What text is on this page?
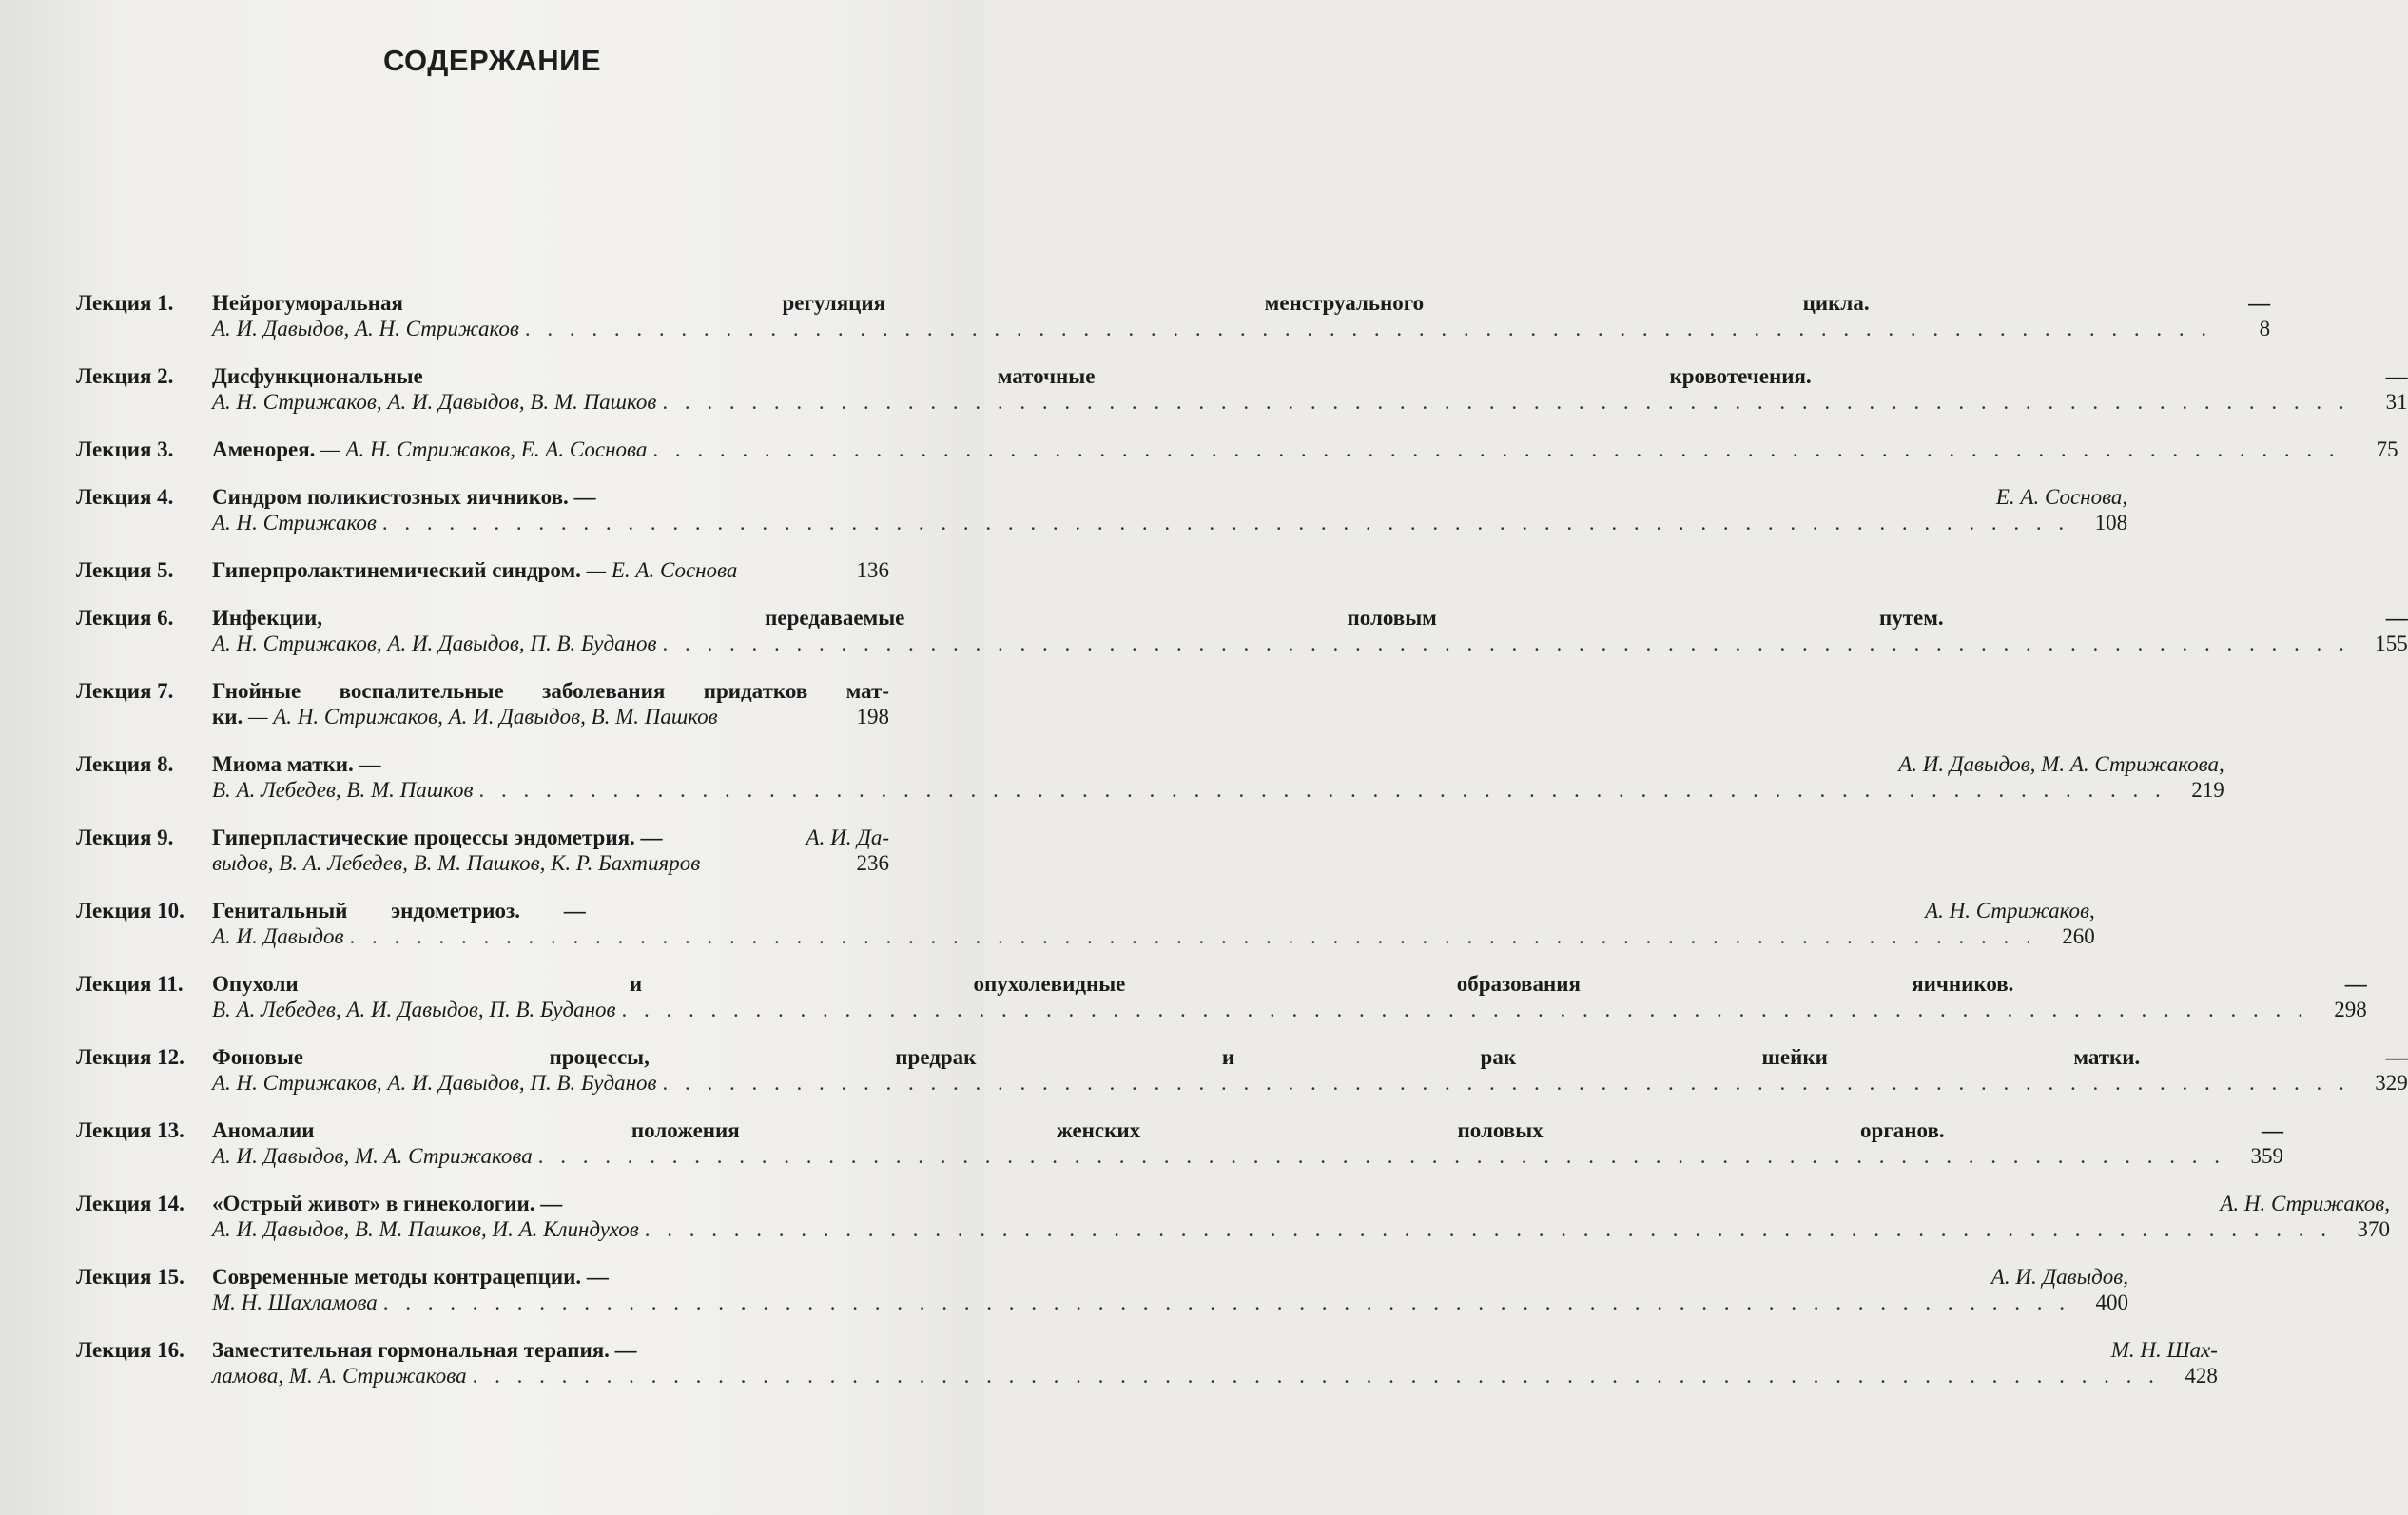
СОДЕРЖАНИЕ
Лекция 1.	Нейрогуморальная регуляция менструального цикла. —
А. И. Давыдов, А. Н. Стрижаков . . .	8
Лекция 2.	Дисфункциональные маточные кровотечения. —
А. Н. Стрижаков, А. И. Давыдов, В. М. Пашков . . .	31
Лекция 3.	Аменорея. — А. Н. Стрижаков, Е. А. Соснова . . .	75
Лекция 4.	Синдром поликистозных яичников. —	Е. А. Соснова,
А. Н. Стрижаков . . .	108
Лекция 5.	Гиперпролактинемический синдром. — Е. А. Соснова	136
Лекция 6.	Инфекции, передаваемые половым путем. —
А. Н. Стрижаков, А. И. Давыдов, П. В. Буданов . . .	155
Лекция 7.	Гнойные воспалительные заболевания придатков мат-
ки. — А. Н. Стрижаков, А. И. Давыдов, В. М. Пашков	198
Лекция 8.	Миома матки. —	А. И. Давыдов, М. А. Стрижакова,
В. А. Лебедев, В. М. Пашков . . .	219
Лекция 9.	Гиперпластические процессы эндометрия. —	А. И. Да-
выдов, В. А. Лебедев, В. М. Пашков, К. Р. Бахтияров	236
Лекция 10.	Генитальный эндометриоз. —	А. Н. Стрижаков,
А. И. Давыдов . . .	260
Лекция 11.	Опухоли и опухолевидные образования яичников. —
В. А. Лебедев, А. И. Давыдов, П. В. Буданов . . .	298
Лекция 12.	Фоновые процессы, предрак и рак шейки матки. —
А. Н. Стрижаков, А. И. Давыдов, П. В. Буданов . . .	329
Лекция 13.	Аномалии положения женских половых органов. —
А. И. Давыдов, М. А. Стрижакова . . .	359
Лекция 14.	«Острый живот» в гинекологии. —	А. Н. Стрижаков,
А. И. Давыдов, В. М. Пашков, И. А. Клиндухов . . .	370
Лекция 15.	Современные методы контрацепции. —	А. И. Давыдов,
М. Н. Шахламова . . .	400
Лекция 16.	Заместительная гормональная терапия. —	М. Н. Шах-
ламова, М. А. Стрижакова . . .	428
